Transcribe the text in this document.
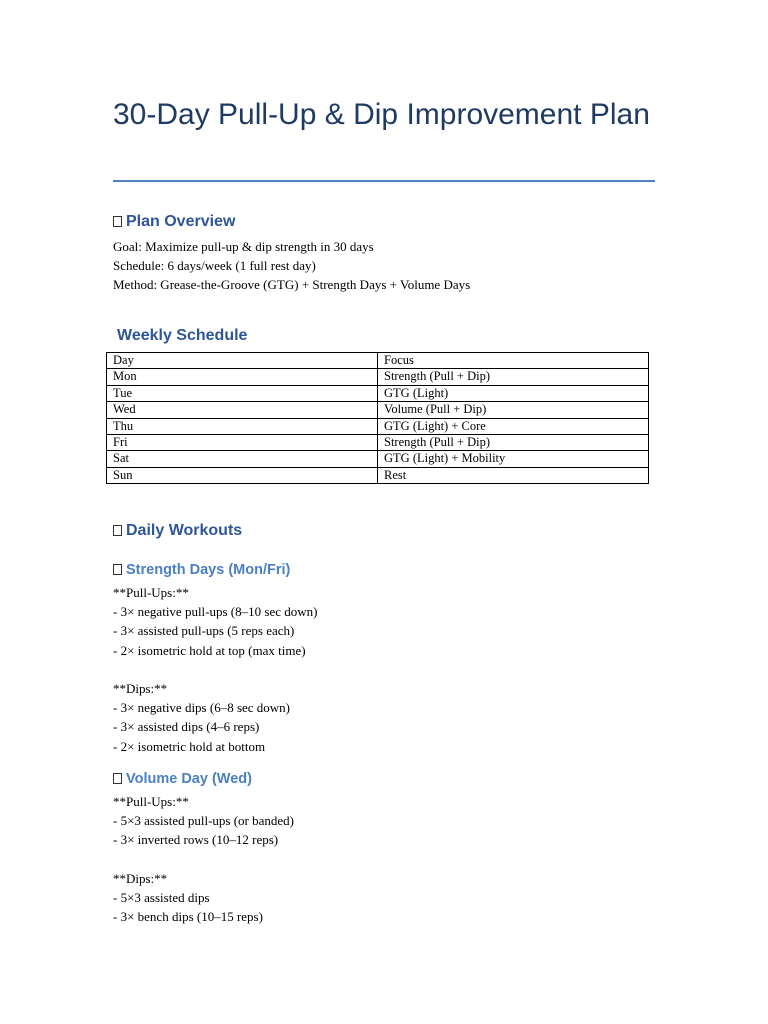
30-Day Pull-Up & Dip Improvement Plan
Plan Overview
Goal: Maximize pull-up & dip strength in 30 days
Schedule: 6 days/week (1 full rest day)
Method: Grease-the-Groove (GTG) + Strength Days + Volume Days
Weekly Schedule
Day	Focus
Mon	Strength (Pull + Dip)
Tue	GTG (Light)
Wed	Volume (Pull + Dip)
Thu	GTG (Light) + Core
Fri	Strength (Pull + Dip)
Sat	GTG (Light) + Mobility
Sun	Rest
Daily Workouts
Strength Days (Mon/Fri)
**Pull-Ups:**
- 3× negative pull-ups (8–10 sec down)
- 3× assisted pull-ups (5 reps each)
- 2× isometric hold at top (max time)

**Dips:**
- 3× negative dips (6–8 sec down)
- 3× assisted dips (4–6 reps)
- 2× isometric hold at bottom
Volume Day (Wed)
**Pull-Ups:**
- 5×3 assisted pull-ups (or banded)
- 3× inverted rows (10–12 reps)

**Dips:**
- 5×3 assisted dips
- 3× bench dips (10–15 reps)
